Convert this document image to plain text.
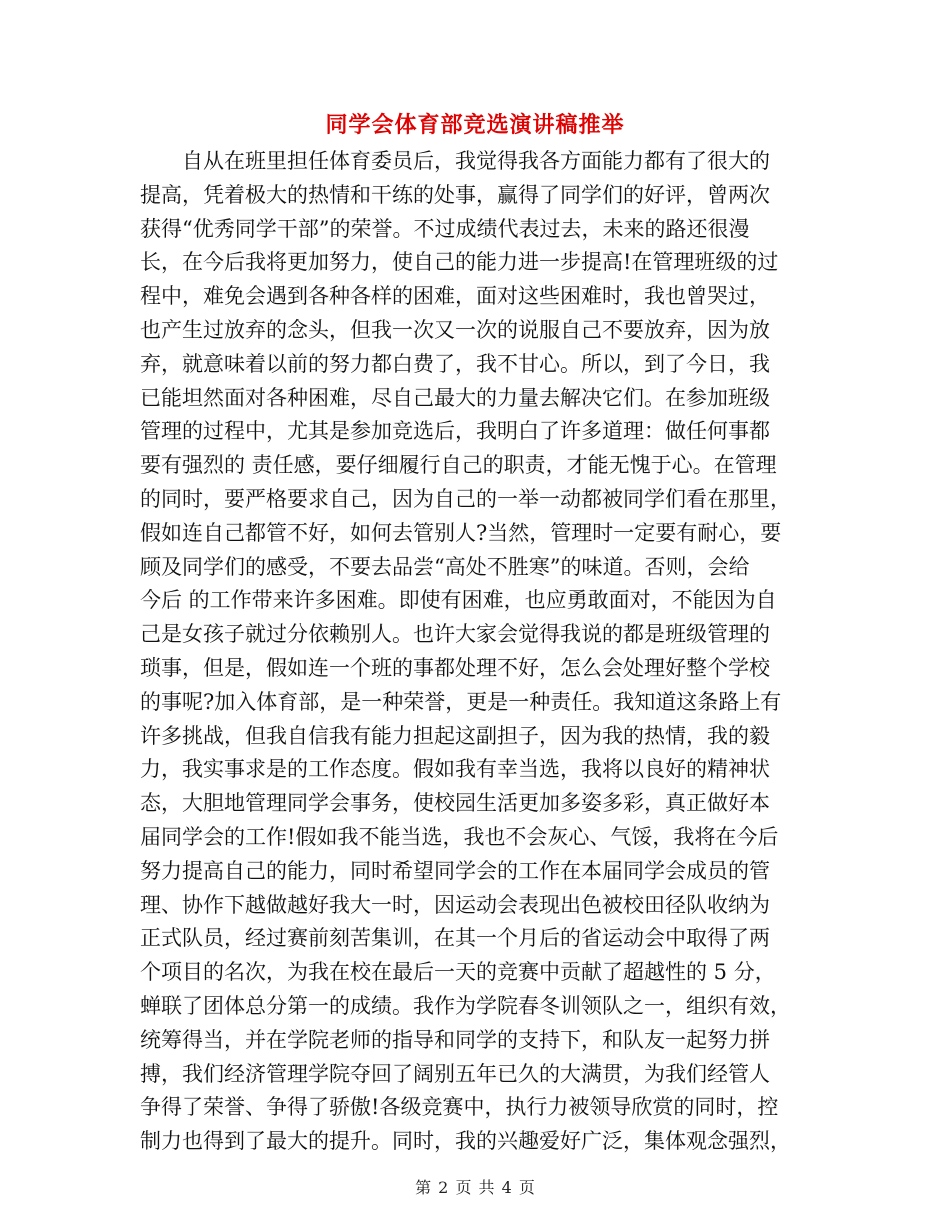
同学会体育部竞选演讲稿推举
自从在班里担任体育委员后，我觉得我各方面能力都有了很大的
提高，凭着极大的热情和干练的处事，赢得了同学们的好评，曾两次
获得“优秀同学干部”的荣誉。不过成绩代表过去，未来的路还很漫
长，在今后我将更加努力，使自己的能力进一步提高!在管理班级的过
程中，难免会遇到各种各样的困难，面对这些困难时，我也曾哭过，
也产生过放弃的念头，但我一次又一次的说服自己不要放弃，因为放
弃，就意味着以前的努力都白费了，我不甘心。所以，到了今日，我
已能坦然面对各种困难，尽自己最大的力量去解决它们。在参加班级
管理的过程中，尤其是参加竞选后，我明白了许多道理：做任何事都
要有强烈的 责任感，要仔细履行自己的职责，才能无愧于心。在管理
的同时，要严格要求自己，因为自己的一举一动都被同学们看在那里，
假如连自己都管不好，如何去管别人?当然，管理时一定要有耐心，要
顾及同学们的感受，不要去品尝“高处不胜寒”的味道。否则，会给
今后 的工作带来许多困难。即使有困难，也应勇敢面对，不能因为自
己是女孩子就过分依赖别人。也许大家会觉得我说的都是班级管理的
琐事，但是，假如连一个班的事都处理不好，怎么会处理好整个学校
的事呢?加入体育部，是一种荣誉，更是一种责任。我知道这条路上有
许多挑战，但我自信我有能力担起这副担子，因为我的热情，我的毅
力，我实事求是的工作态度。假如我有幸当选，我将以良好的精神状
态，大胆地管理同学会事务，使校园生活更加多姿多彩，真正做好本
届同学会的工作!假如我不能当选，我也不会灰心、气馁，我将在今后
努力提高自己的能力，同时希望同学会的工作在本届同学会成员的管
理、协作下越做越好我大一时，因运动会表现出色被校田径队收纳为
正式队员，经过赛前刻苦集训，在其一个月后的省运动会中取得了两
个项目的名次，为我在校在最后一天的竞赛中贡献了超越性的 5 分，
蝉联了团体总分第一的成绩。我作为学院春冬训领队之一，组织有效，
统筹得当，并在学院老师的指导和同学的支持下，和队友一起努力拼
搏，我们经济管理学院夺回了阔别五年已久的大满贯，为我们经管人
争得了荣誉、争得了骄傲!各级竞赛中，执行力被领导欣赏的同时，控
制力也得到了最大的提升。同时，我的兴趣爱好广泛，集体观念强烈，
第 2 页 共 4 页
